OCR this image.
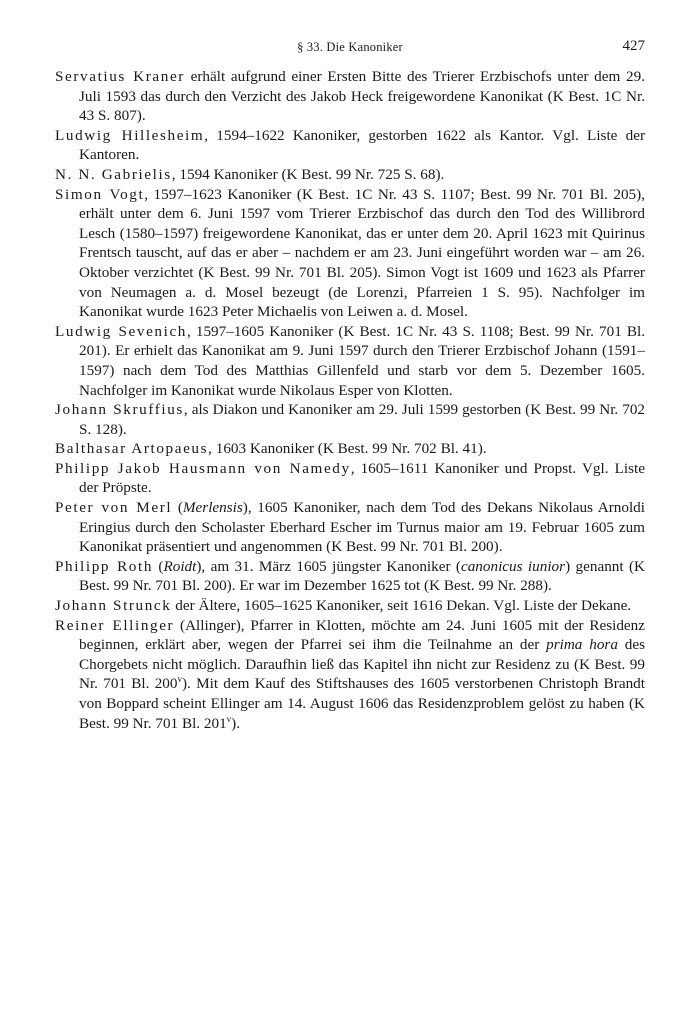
§ 33. Die Kanoniker	427

Servatius Kraner erhält aufgrund einer Ersten Bitte des Trierer Erzbischofs unter dem 29. Juli 1593 das durch den Verzicht des Jakob Heck freigewordene Kanonikat (K Best. 1C Nr. 43 S. 807).

Ludwig Hillesheim, 1594–1622 Kanoniker, gestorben 1622 als Kantor. Vgl. Liste der Kantoren.

N. N. Gabrielis, 1594 Kanoniker (K Best. 99 Nr. 725 S. 68).

Simon Vogt, 1597–1623 Kanoniker (K Best. 1C Nr. 43 S. 1107; Best. 99 Nr. 701 Bl. 205), erhält unter dem 6. Juni 1597 vom Trierer Erzbischof das durch den Tod des Willibrord Lesch (1580–1597) freigewordene Kanonikat, das er unter dem 20. April 1623 mit Quirinus Frentsch tauscht, auf das er aber – nachdem er am 23. Juni eingeführt worden war – am 26. Oktober verzichtet (K Best. 99 Nr. 701 Bl. 205). Simon Vogt ist 1609 und 1623 als Pfarrer von Neumagen a. d. Mosel bezeugt (de Lorenzi, Pfarreien 1 S. 95). Nachfolger im Kanonikat wurde 1623 Peter Michaelis von Leiwen a. d. Mosel.

Ludwig Sevenich, 1597–1605 Kanoniker (K Best. 1C Nr. 43 S. 1108; Best. 99 Nr. 701 Bl. 201). Er erhielt das Kanonikat am 9. Juni 1597 durch den Trierer Erzbischof Johann (1591–1597) nach dem Tod des Matthias Gillenfeld und starb vor dem 5. Dezember 1605. Nachfolger im Kanonikat wurde Nikolaus Esper von Klotten.

Johann Skruffius, als Diakon und Kanoniker am 29. Juli 1599 gestorben (K Best. 99 Nr. 702 S. 128).

Balthasar Artopaeus, 1603 Kanoniker (K Best. 99 Nr. 702 Bl. 41).

Philipp Jakob Hausmann von Namedy, 1605–1611 Kanoniker und Propst. Vgl. Liste der Pröpste.

Peter von Merl (Merlensis), 1605 Kanoniker, nach dem Tod des Dekans Nikolaus Arnoldi Eringius durch den Scholaster Eberhard Escher im Turnus maior am 19. Februar 1605 zum Kanonikat präsentiert und angenommen (K Best. 99 Nr. 701 Bl. 200).

Philipp Roth (Roidt), am 31. März 1605 jüngster Kanoniker (canonicus iunior) genannt (K Best. 99 Nr. 701 Bl. 200). Er war im Dezember 1625 tot (K Best. 99 Nr. 288).

Johann Strunck der Ältere, 1605–1625 Kanoniker, seit 1616 Dekan. Vgl. Liste der Dekane.

Reiner Ellinger (Allinger), Pfarrer in Klotten, möchte am 24. Juni 1605 mit der Residenz beginnen, erklärt aber, wegen der Pfarrei sei ihm die Teilnahme an der prima hora des Chorgebets nicht möglich. Daraufhin ließ das Kapitel ihn nicht zur Residenz zu (K Best. 99 Nr. 701 Bl. 200$^v$). Mit dem Kauf des Stiftshauses des 1605 verstorbenen Christoph Brandt von Boppard scheint Ellinger am 14. August 1606 das Residenzproblem gelöst zu haben (K Best. 99 Nr. 701 Bl. 201$^v$).
